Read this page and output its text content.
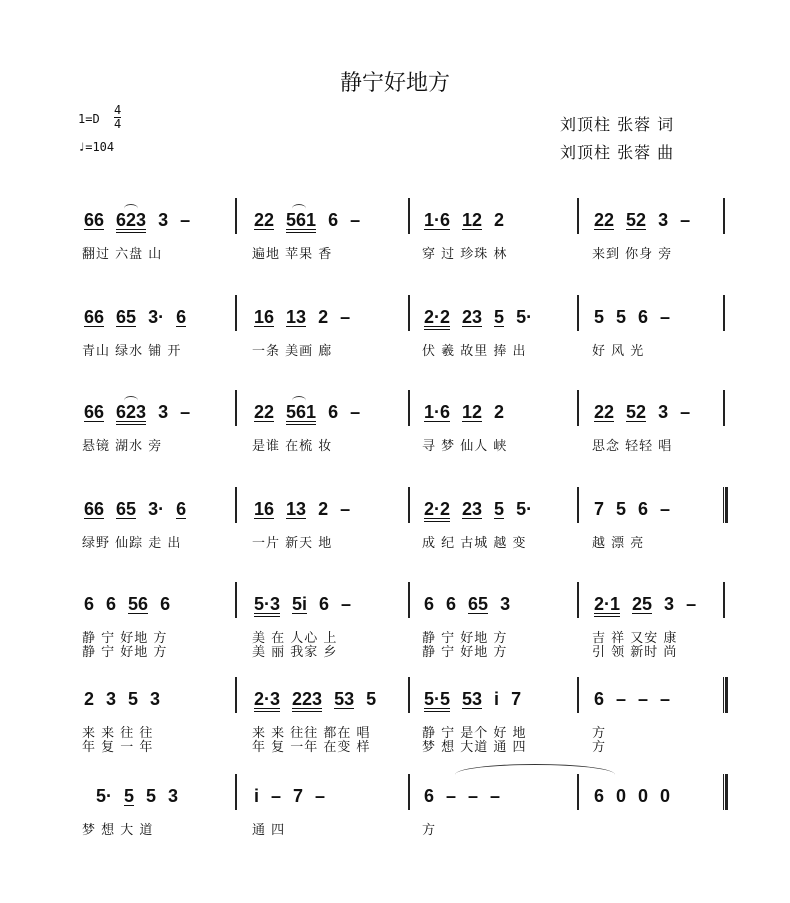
静宁好地方
$1=D \frac{4}{4}$
♩=104
刘顶柱 张蓉 词
刘顶柱 张蓉 曲
66 623 3 –
翻过 六盘 山
22 561 6 –
遍地 苹果 香
1·6 12 2
穿 过 珍珠 林
22 52 3 –
来到 你身 旁
66 65 3· 6
青山 绿水 铺 开
16 13 2 –
一条 美画 廊
2·2 23 5 5·
伏 羲 故里 捧 出
5 5 6 –
好 风 光
66 623 3 –
悬镜 湖水 旁
22 561 6 –
是谁 在梳 妆
1·6 12 2
寻 梦 仙人 峡
22 52 3 –
思念 轻轻 唱
66 65 3· 6
绿野 仙踪 走 出
16 13 2 –
一片 新天 地
2·2 23 5 5·
成 纪 古城 越 变
7 5 6 –
越 漂 亮
6 6 56 6
静 宁 好地 方
静 宁 好地 方
5·3 5i 6 –
美 在 人心 上
美 丽 我家 乡
6 6 65 3
静 宁 好地 方
静 宁 好地 方
2·1 25 3 –
吉 祥 又安 康
引 领 新时 尚
2 3 5 3
来 来 往 往
年 复 一 年
2·3 223 53 5
来 来 往往 都在 唱
年 复 一年 在变 样
5·5 53 i 7
静 宁 是个 好 地
梦 想 大道 通 四
6 – – –
方
方
5· 5 5 3
梦 想 大 道
i – 7 –
通 四
6 – – –
方
6 0 0 0
